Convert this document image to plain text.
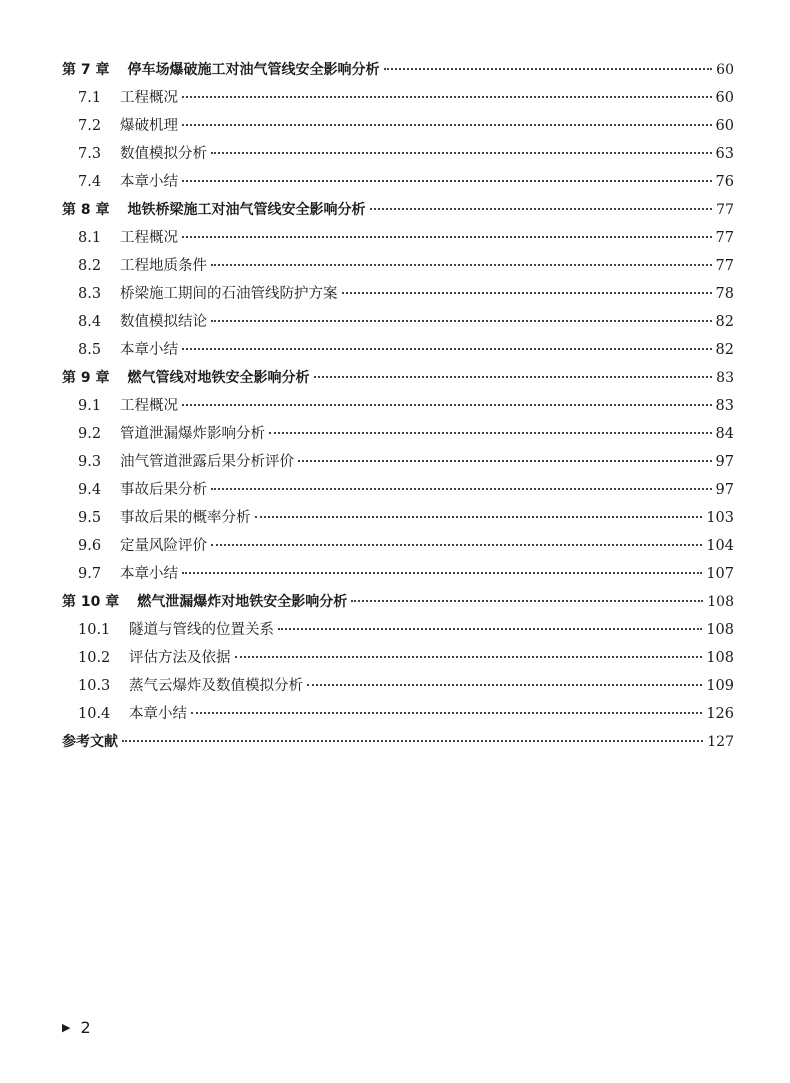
第 7 章 停车场爆破施工对油气管线安全影响分析	60
7.1	工程概况	60
7.2	爆破机理	60
7.3	数值模拟分析	63
7.4	本章小结	76
第 8 章 地铁桥梁施工对油气管线安全影响分析	77
8.1	工程概况	77
8.2	工程地质条件	77
8.3	桥梁施工期间的石油管线防护方案	78
8.4	数值模拟结论	82
8.5	本章小结	82
第 9 章 燃气管线对地铁安全影响分析	83
9.1	工程概况	83
9.2	管道泄漏爆炸影响分析	84
9.3	油气管道泄露后果分析评价	97
9.4	事故后果分析	97
9.5	事故后果的概率分析	103
9.6	定量风险评价	104
9.7	本章小结	107
第 10 章 燃气泄漏爆炸对地铁安全影响分析	108
10.1	隧道与管线的位置关系	108
10.2	评估方法及依据	108
10.3	蒸气云爆炸及数值模拟分析	109
10.4	本章小结	126
参考文献	127
▶ 2
